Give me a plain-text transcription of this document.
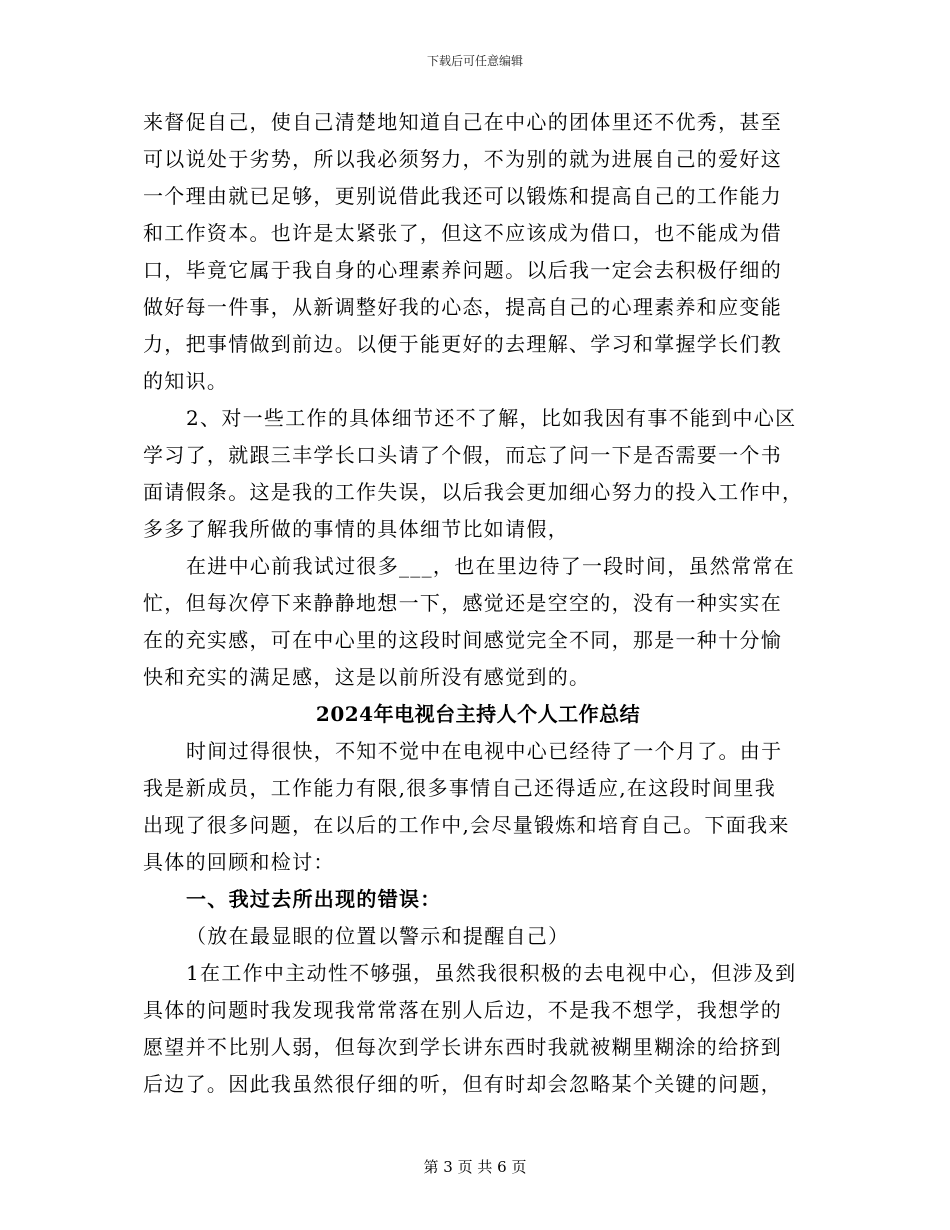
下载后可任意编辑
来督促自己，使自己清楚地知道自己在中心的团体里还不优秀，甚至
可以说处于劣势，所以我必须努力，不为别的就为进展自己的爱好这
一个理由就已足够，更别说借此我还可以锻炼和提高自己的工作能力
和工作资本。也许是太紧张了，但这不应该成为借口，也不能成为借
口，毕竟它属于我自身的心理素养问题。以后我一定会去积极仔细的
做好每一件事，从新调整好我的心态，提高自己的心理素养和应变能
力，把事情做到前边。以便于能更好的去理解、学习和掌握学长们教
的知识。
2、对一些工作的具体细节还不了解，比如我因有事不能到中心区
学习了，就跟三丰学长口头请了个假，而忘了问一下是否需要一个书
面请假条。这是我的工作失误，以后我会更加细心努力的投入工作中，
多多了解我所做的事情的具体细节比如请假，
在进中心前我试过很多___，也在里边待了一段时间，虽然常常在
忙，但每次停下来静静地想一下，感觉还是空空的，没有一种实实在
在的充实感，可在中心里的这段时间感觉完全不同，那是一种十分愉
快和充实的满足感，这是以前所没有感觉到的。
2024年电视台主持人个人工作总结
时间过得很快，不知不觉中在电视中心已经待了一个月了。由于
我是新成员，工作能力有限,很多事情自己还得适应,在这段时间里我
出现了很多问题，在以后的工作中,会尽量锻炼和培育自己。下面我来
具体的回顾和检讨：
一、我过去所出现的错误：
（放在最显眼的位置以警示和提醒自己）
1在工作中主动性不够强，虽然我很积极的去电视中心，但涉及到
具体的问题时我发现我常常落在别人后边，不是我不想学，我想学的
愿望并不比别人弱，但每次到学长讲东西时我就被糊里糊涂的给挤到
后边了。因此我虽然很仔细的听，但有时却会忽略某个关键的问题，
第 3 页 共 6 页
